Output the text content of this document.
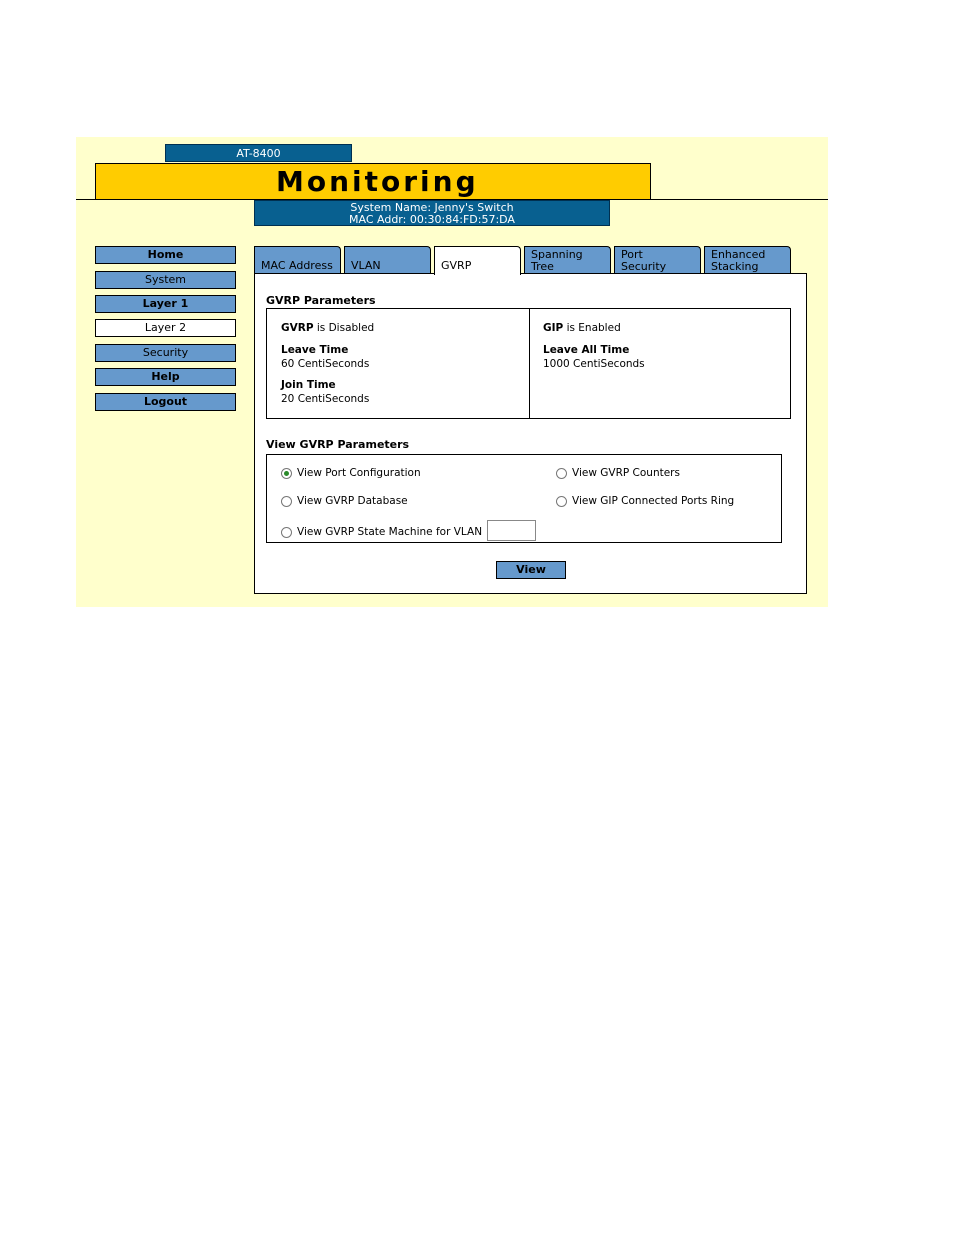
AT-8400
Monitoring
System Name: Jenny's Switch
MAC Addr: 00:30:84:FD:57:DA
Home
System
Layer 1
Layer 2
Security
Help
Logout
MAC Address	VLAN	GVRP
Spanning
Tree
Port
Security
Enhanced
Stacking
GVRP Parameters
GVRP is Disabled
Leave Time
60 CentiSeconds
Join Time
20 CentiSeconds
GIP is Enabled
Leave All Time
1000 CentiSeconds
View GVRP Parameters
View Port Configuration	View GVRP Counters
View GVRP Database	View GIP Connected Ports Ring
View GVRP State Machine for VLAN
View
